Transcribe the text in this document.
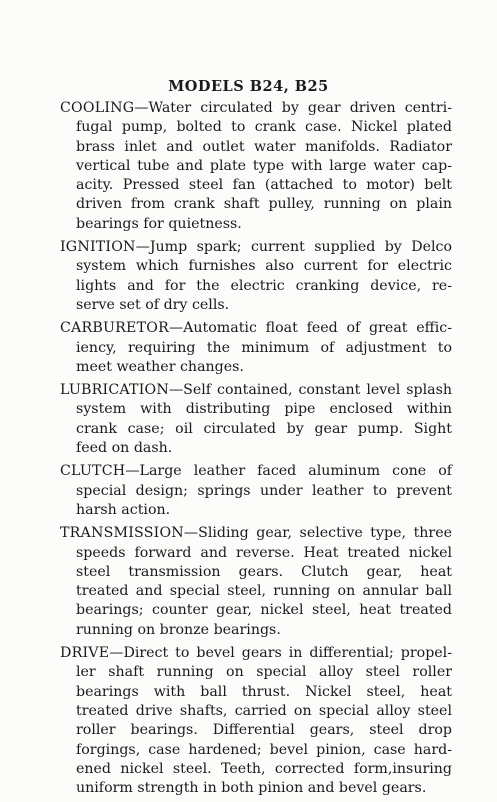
MODELS B24, B25
COOLING—Water circulated by gear driven centri-
fugal pump, bolted to crank case. Nickel plated
brass inlet and outlet water manifolds. Radiator
vertical tube and plate type with large water cap-
acity. Pressed steel fan (attached to motor) belt
driven from crank shaft pulley, running on plain
bearings for quietness.
IGNITION—Jump spark; current supplied by Delco
system which furnishes also current for electric
lights and for the electric cranking device, re-
serve set of dry cells.
CARBURETOR—Automatic float feed of great effic-
iency, requiring the minimum of adjustment to
meet weather changes.
LUBRICATION—Self contained, constant level splash
system with distributing pipe enclosed within
crank case; oil circulated by gear pump. Sight
feed on dash.
CLUTCH—Large leather faced aluminum cone of
special design; springs under leather to prevent
harsh action.
TRANSMISSION—Sliding gear, selective type, three
speeds forward and reverse. Heat treated nickel
steel transmission gears. Clutch gear, heat
treated and special steel, running on annular ball
bearings; counter gear, nickel steel, heat treated
running on bronze bearings.
DRIVE—Direct to bevel gears in differential; propel-
ler shaft running on special alloy steel roller
bearings with ball thrust. Nickel steel, heat
treated drive shafts, carried on special alloy steel
roller bearings. Differential gears, steel drop
forgings, case hardened; bevel pinion, case hard-
ened nickel steel. Teeth, corrected form,insuring
uniform strength in both pinion and bevel gears.
